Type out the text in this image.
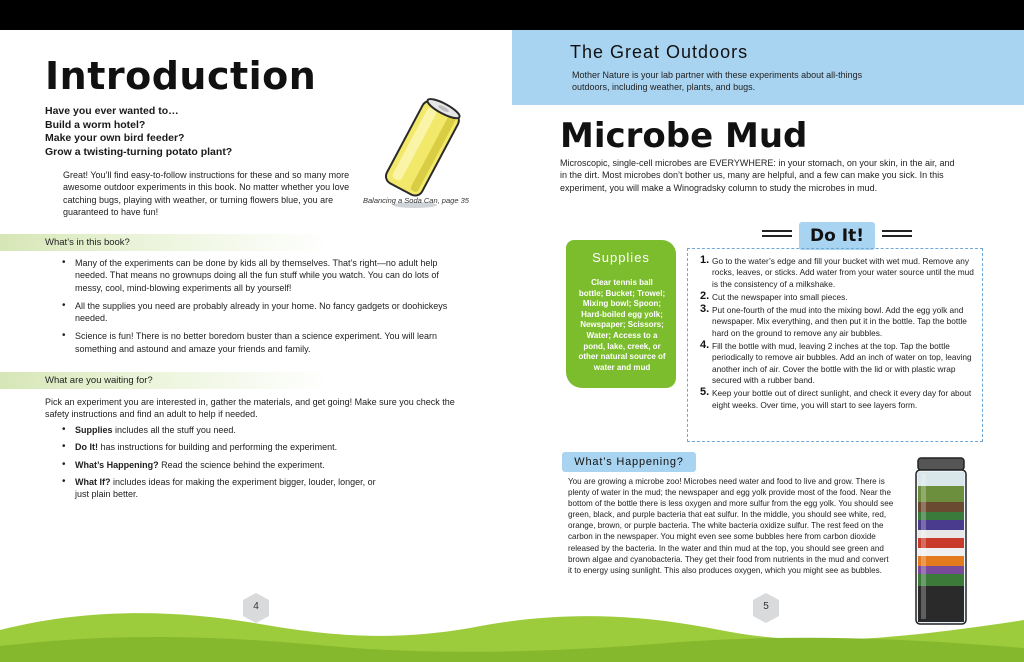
Introduction
Have you ever wanted to…
Build a worm hotel?
Make your own bird feeder?
Grow a twisting-turning potato plant?
Balancing a Soda Can, page 35
Great! You’ll find easy-to-follow instructions for these and so many more awesome outdoor experiments in this book. No matter whether you love catching bugs, playing with weather, or turning flowers blue, you are guaranteed to have fun!
What’s in this book?
• Many of the experiments can be done by kids all by themselves. That’s right—no adult help needed. That means no grownups doing all the fun stuff while you watch. You can do lots of messy, cool, mind-blowing experiments all by yourself!
• All the supplies you need are probably already in your home. No fancy gadgets or doohickeys needed.
• Science is fun! There is no better boredom buster than a science experiment. You will learn something and astound and amaze your friends and family.
What are you waiting for?
Pick an experiment you are interested in, gather the materials, and get going! Make sure you check the safety instructions and find an adult to help if needed.
• Supplies includes all the stuff you need.
• Do It! has instructions for building and performing the experiment.
• What’s Happening? Read the science behind the experiment.
• What If? includes ideas for making the experiment bigger, louder, longer, or just plain better.
The Great Outdoors
Mother Nature is your lab partner with these experiments about all-things outdoors, including weather, plants, and bugs.
Microbe Mud
Microscopic, single-cell microbes are EVERYWHERE: in your stomach, on your skin, in the air, and in the dirt. Most microbes don’t bother us, many are helpful, and a few can make you sick. In this experiment, you will make a Winogradsky column to study the microbes in mud.
Do It!
Supplies
Clear tennis ball bottle; Bucket; Trowel; Mixing bowl; Spoon; Hard-boiled egg yolk; Newspaper; Scissors; Water; Access to a pond, lake, creek, or other natural source of water and mud
1. Go to the water’s edge and fill your bucket with wet mud. Remove any rocks, leaves, or sticks. Add water from your water source until the mud is the consistency of a milkshake.
2. Cut the newspaper into small pieces.
3. Put one-fourth of the mud into the mixing bowl. Add the egg yolk and newspaper. Mix everything, and then put it in the bottle. Tap the bottle hard on the ground to remove any air bubbles.
4. Fill the bottle with mud, leaving 2 inches at the top. Tap the bottle periodically to remove air bubbles. Add an inch of water on top, leaving another inch of air. Cover the bottle with the lid or with plastic wrap secured with a rubber band.
5. Keep your bottle out of direct sunlight, and check it every day for about eight weeks. Over time, you will start to see layers form.
What’s Happening?
You are growing a microbe zoo! Microbes need water and food to live and grow. There is plenty of water in the mud; the newspaper and egg yolk provide most of the food. Near the bottom of the bottle there is less oxygen and more sulfur from the egg yolk. You should see green, black, and purple bacteria that eat sulfur. In the middle, you should see white, red, orange, brown, or purple bacteria. The white bacteria oxidize sulfur. The rest feed on the carbon in the newspaper. You might even see some bubbles here from carbon dioxide released by the bacteria. In the water and thin mud at the top, you should see green and brown algae and cyanobacteria. They get their food from nutrients in the mud and convert it to energy using sunlight. This also produces oxygen, which you might see as bubbles.
4	5
